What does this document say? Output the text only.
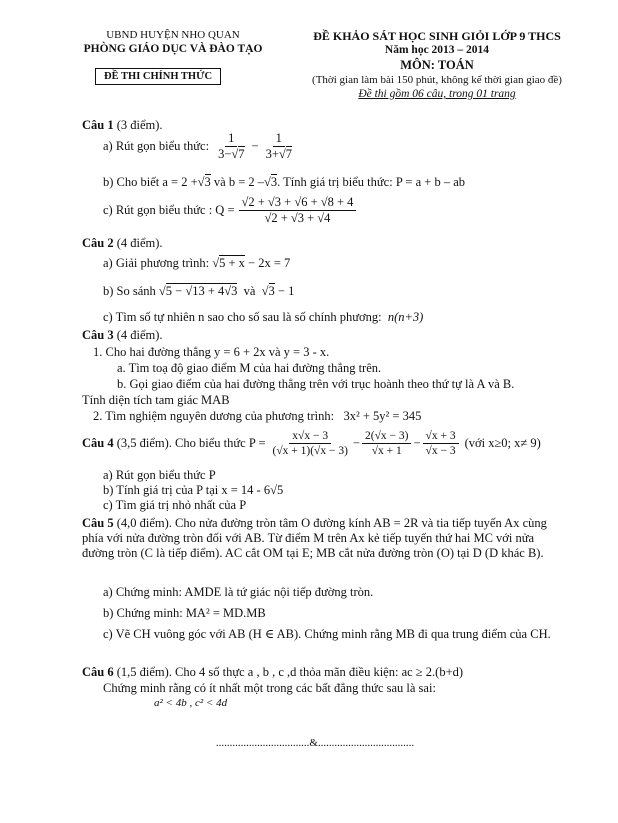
UBND HUYỆN NHO QUAN
PHÒNG GIÁO DỤC VÀ ĐÀO TẠO
ĐỀ THI CHÍNH THỨC
ĐỀ KHẢO SÁT HỌC SINH GIỎI LỚP 9 THCS
Năm học 2013 – 2014
MÔN: TOÁN
(Thời gian làm bài 150 phút, không kể thời gian giao đề)
Đề thi gồm 06 câu, trong 01 trang
Câu 1 (3 điểm).
a) Rút gọn biểu thức: $\frac{1}{3-√7} - \frac{1}{3+√7}$
b) Cho biết a = 2 +√3 và b = 2 –√3. Tính giá trị biểu thức: P = a + b – ab
c) Rút gọn biểu thức : $Q = \frac{√2 + √3 + √6 + √8 + 4}{√2 + √3 + √4}$
Câu 2 (4 điểm).
a) Giải phương trình: √5 + x − 2x = 7
b) So sánh √5 − √13 + 4√3 và  √3 − 1
c) Tìm số tự nhiên n sao cho số sau là số chính phương: n(n+3)
Câu 3 (4 điểm).
1. Cho hai đường thẳng y = 6 + 2x và y = 3 - x.
a. Tìm toạ độ giao điểm M của hai đường thẳng trên.
b. Gọi giao điểm của hai đường thẳng trên với trục hoành theo thứ tự là A và B.
Tính diện tích tam giác MAB
2. Tìm nghiệm nguyên dương của phương trình: 3x² + 5y² = 345
Câu 4
(3,5 điểm). Cho biểu thức $P = \frac{x√x - 3}{(√x + 1)(√x - 3)} - \frac{2(√x - 3)}{√x + 1} - \frac{√x + 3}{√x - 3}$ (với x≥0; x≠ 9)
a) Rút gọn biểu thức P
b) Tính giá trị của P tại x = 14 - 6√5
c) Tìm giá trị nhỏ nhất của P
Câu 5 (4,0 điểm). Cho nửa đường tròn tâm O đường kính AB = 2R và tia tiếp tuyến Ax cùng phía với nửa đường tròn đối với AB. Từ điểm M trên Ax kẻ tiếp tuyến thứ hai MC với nửa đường tròn (C là tiếp điểm). AC cắt OM tại E; MB cắt nửa đường tròn (O) tại D (D khác B).
a) Chứng minh: AMDE là tứ giác nội tiếp đường tròn.
b) Chứng minh: MA² = MD.MB
c) Vẽ CH vuông góc với AB (H ∈ AB). Chứng minh rằng MB đi qua trung điểm của CH.
Câu 6 (1,5 điểm). Cho 4 số thực a , b , c ,d thỏa mãn điều kiện: ac ≥ 2.(b+d)
Chứng minh rằng có ít nhất một trong các bất đẳng thức sau là sai:
a² < 4b , c² < 4d
..................................&...................................
